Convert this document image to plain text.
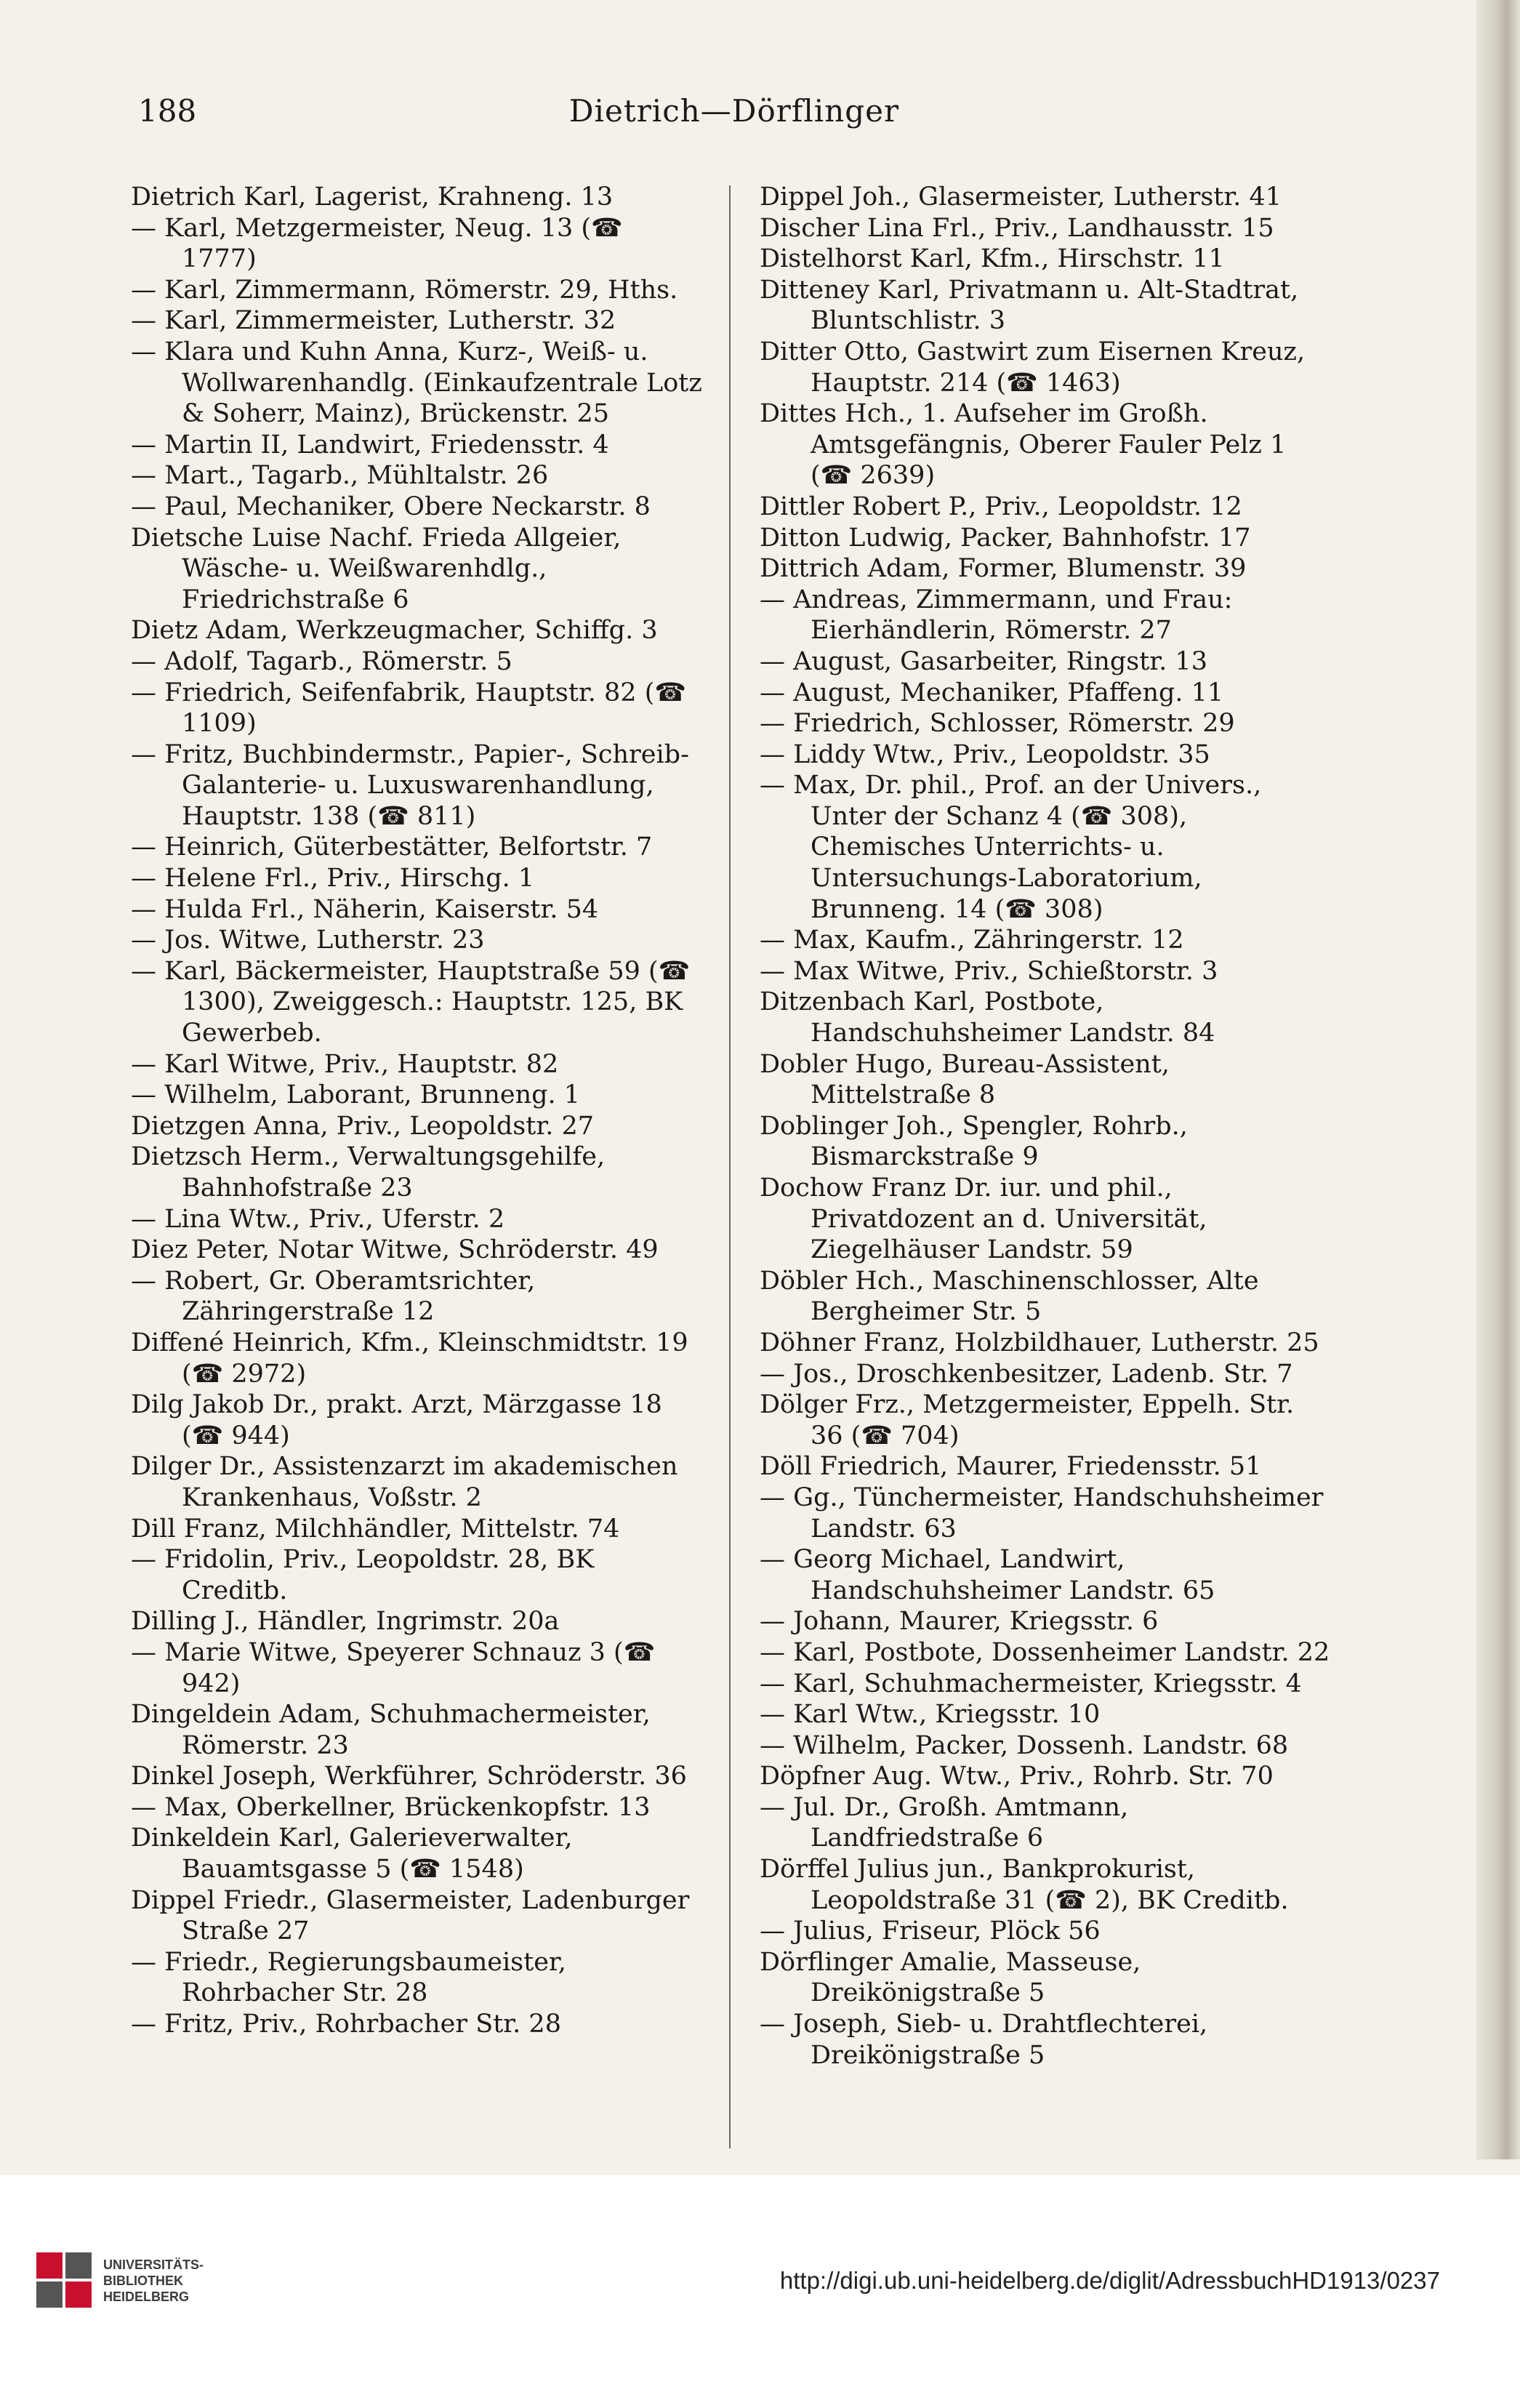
188	Dietrich—Dörflinger

Dietrich Karl, Lagerist, Krahneng. 13

— Karl, Metzgermeister, Neug. 13 (☎ 1777)

— Karl, Zimmermann, Römerstr. 29, Hths.

— Karl, Zimmermeister, Lutherstr. 32

— Klara und Kuhn Anna, Kurz-, Weiß- u. Wollwarenhandlg. (Einkaufzentrale Lotz & Soherr, Mainz), Brückenstr. 25

— Martin II, Landwirt, Friedensstr. 4

— Mart., Tagarb., Mühltalstr. 26

— Paul, Mechaniker, Obere Neckarstr. 8

Dietsche Luise Nachf. Frieda Allgeier, Wäsche- u. Weißwarenhdlg., Friedrichstraße 6

Dietz Adam, Werkzeugmacher, Schiffg. 3

— Adolf, Tagarb., Römerstr. 5

— Friedrich, Seifenfabrik, Hauptstr. 82 (☎ 1109)

— Fritz, Buchbindermstr., Papier-, Schreib- Galanterie- u. Luxuswarenhandlung, Hauptstr. 138 (☎ 811)

— Heinrich, Güterbestätter, Belfortstr. 7

— Helene Frl., Priv., Hirschg. 1

— Hulda Frl., Näherin, Kaiserstr. 54

— Jos. Witwe, Lutherstr. 23

— Karl, Bäckermeister, Hauptstraße 59 (☎ 1300), Zweiggesch.: Hauptstr. 125, BK Gewerbeb.

— Karl Witwe, Priv., Hauptstr. 82

— Wilhelm, Laborant, Brunneng. 1

Dietzgen Anna, Priv., Leopoldstr. 27

Dietzsch Herm., Verwaltungsgehilfe, Bahnhofstraße 23

— Lina Wtw., Priv., Uferstr. 2

Diez Peter, Notar Witwe, Schröderstr. 49

— Robert, Gr. Oberamtsrichter, Zähringerstraße 12

Diffené Heinrich, Kfm., Kleinschmidtstr. 19 (☎ 2972)

Dilg Jakob Dr., prakt. Arzt, Märzgasse 18 (☎ 944)

Dilger Dr., Assistenzarzt im akademischen Krankenhaus, Voßstr. 2

Dill Franz, Milchhändler, Mittelstr. 74

— Fridolin, Priv., Leopoldstr. 28, BK Creditb.

Dilling J., Händler, Ingrimstr. 20a

— Marie Witwe, Speyerer Schnauz 3 (☎ 942)

Dingeldein Adam, Schuhmachermeister, Römerstr. 23

Dinkel Joseph, Werkführer, Schröderstr. 36

— Max, Oberkellner, Brückenkopfstr. 13

Dinkeldein Karl, Galerieverwalter, Bauamtsgasse 5 (☎ 1548)

Dippel Friedr., Glasermeister, Ladenburger Straße 27

— Friedr., Regierungsbaumeister, Rohrbacher Str. 28

— Fritz, Priv., Rohrbacher Str. 28

Dippel Joh., Glasermeister, Lutherstr. 41

Discher Lina Frl., Priv., Landhausstr. 15

Distelhorst Karl, Kfm., Hirschstr. 11

Ditteney Karl, Privatmann u. Alt-Stadtrat, Bluntschlistr. 3

Ditter Otto, Gastwirt zum Eisernen Kreuz, Hauptstr. 214 (☎ 1463)

Dittes Hch., 1. Aufseher im Großh. Amtsgefängnis, Oberer Fauler Pelz 1 (☎ 2639)

Dittler Robert P., Priv., Leopoldstr. 12

Ditton Ludwig, Packer, Bahnhofstr. 17

Dittrich Adam, Former, Blumenstr. 39

— Andreas, Zimmermann, und Frau: Eierhändlerin, Römerstr. 27

— August, Gasarbeiter, Ringstr. 13

— August, Mechaniker, Pfaffeng. 11

— Friedrich, Schlosser, Römerstr. 29

— Liddy Wtw., Priv., Leopoldstr. 35

— Max, Dr. phil., Prof. an der Univers., Unter der Schanz 4 (☎ 308), Chemisches Unterrichts- u. Untersuchungs-Laboratorium, Brunneng. 14 (☎ 308)

— Max, Kaufm., Zähringerstr. 12

— Max Witwe, Priv., Schießtorstr. 3

Ditzenbach Karl, Postbote, Handschuhsheimer Landstr. 84

Dobler Hugo, Bureau-Assistent, Mittelstraße 8

Doblinger Joh., Spengler, Rohrb., Bismarckstraße 9

Dochow Franz Dr. iur. und phil., Privatdozent an d. Universität, Ziegelhäuser Landstr. 59

Döbler Hch., Maschinenschlosser, Alte Bergheimer Str. 5

Döhner Franz, Holzbildhauer, Lutherstr. 25

— Jos., Droschkenbesitzer, Ladenb. Str. 7

Dölger Frz., Metzgermeister, Eppelh. Str. 36 (☎ 704)

Döll Friedrich, Maurer, Friedensstr. 51

— Gg., Tünchermeister, Handschuhsheimer Landstr. 63

— Georg Michael, Landwirt, Handschuhsheimer Landstr. 65

— Johann, Maurer, Kriegsstr. 6

— Karl, Postbote, Dossenheimer Landstr. 22

— Karl, Schuhmachermeister, Kriegsstr. 4

— Karl Wtw., Kriegsstr. 10

— Wilhelm, Packer, Dossenh. Landstr. 68

Döpfner Aug. Wtw., Priv., Rohrb. Str. 70

— Jul. Dr., Großh. Amtmann, Landfriedstraße 6

Dörffel Julius jun., Bankprokurist, Leopoldstraße 31 (☎ 2), BK Creditb.

— Julius, Friseur, Plöck 56

Dörflinger Amalie, Masseuse, Dreikönigstraße 5

— Joseph, Sieb- u. Drahtflechterei, Dreikönigstraße 5

UNIVERSITÄTS-
BIBLIOTHEK
HEIDELBERG
http://digi.ub.uni-heidelberg.de/diglit/AdressbuchHD1913/0237
